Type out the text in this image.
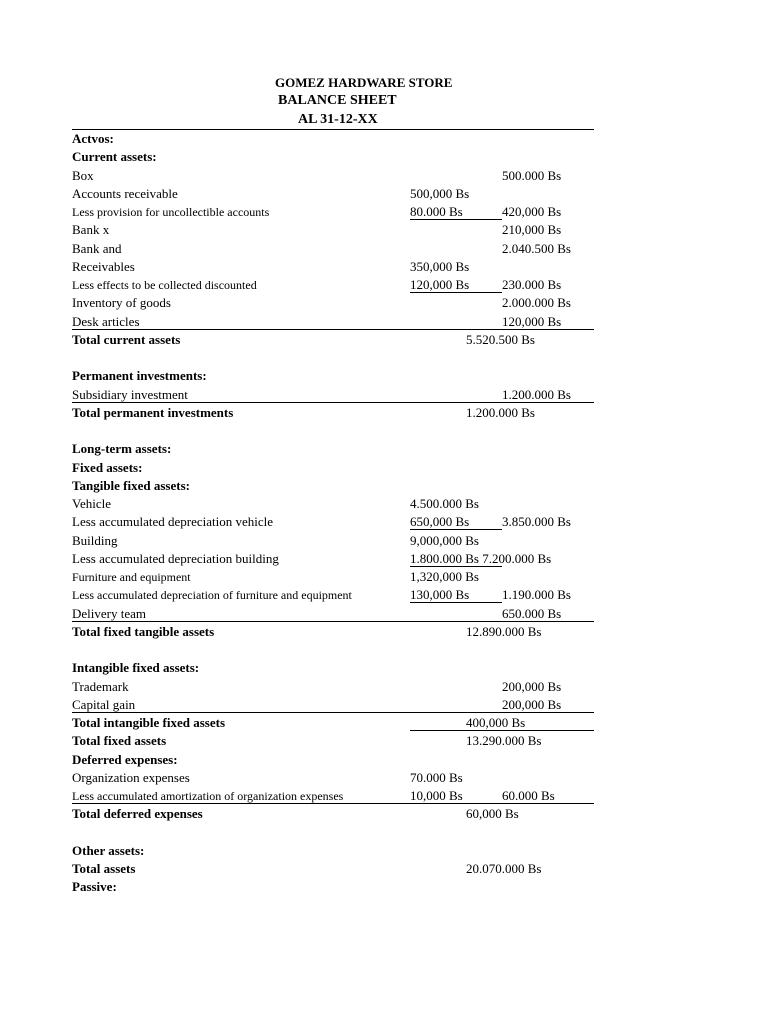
GOMEZ HARDWARE STORE
BALANCE SHEET
AL 31-12-XX
Actvos:
Current assets:
Box	500.000 Bs
Accounts receivable	500,000 Bs
Less provision for uncollectible accounts	80.000 Bs	420,000 Bs
Bank x	210,000 Bs
Bank and	2.040.500 Bs
Receivables	350,000 Bs
Less effects to be collected discounted	120,000 Bs	230.000 Bs
Inventory of goods	2.000.000 Bs
Desk articles	120,000 Bs
Total current assets	5.520.500 Bs
Permanent investments:
Subsidiary investment	1.200.000 Bs
Total permanent investments	1.200.000 Bs
Long-term assets:
Fixed assets:
Tangible fixed assets:
Vehicle	4.500.000 Bs
Less accumulated depreciation vehicle	650,000 Bs	3.850.000 Bs
Building	9,000,000 Bs
Less accumulated depreciation building	1.800.000 Bs 7.200.000 Bs
Furniture and equipment	1,320,000 Bs
Less accumulated depreciation of furniture and equipment	130,000 Bs	1.190.000 Bs
Delivery team	650.000 Bs
Total fixed tangible assets	12.890.000 Bs
Intangible fixed assets:
Trademark	200,000 Bs
Capital gain	200,000 Bs
Total intangible fixed assets	400,000 Bs
Total fixed assets	13.290.000 Bs
Deferred expenses:
Organization expenses	70.000 Bs
Less accumulated amortization of organization expenses	10,000 Bs	60.000 Bs
Total deferred expenses	60,000 Bs
Other assets:
Total assets	20.070.000 Bs
Passive:
